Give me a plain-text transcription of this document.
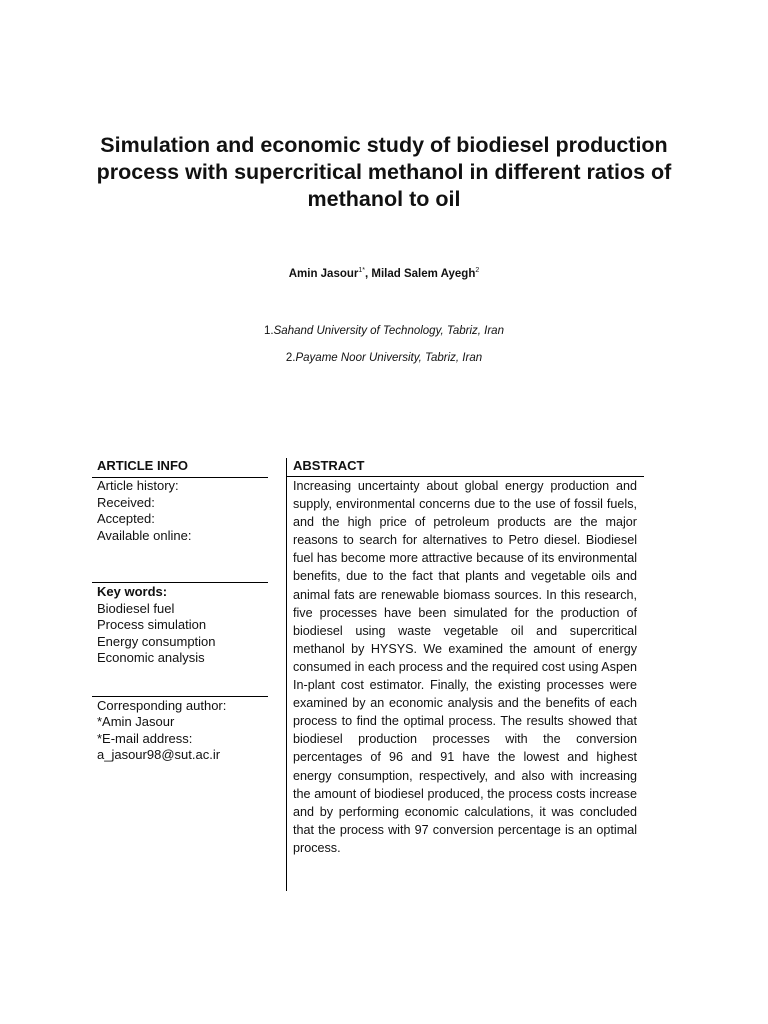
Simulation and economic study of biodiesel production process with supercritical methanol in different ratios of methanol to oil
Amin Jasour$^{1*}$, Milad Salem Ayegh$^2$
1.Sahand University of Technology, Tabriz, Iran
2.Payame Noor University, Tabriz, Iran
ARTICLE INFO

Article history:

Received:

Accepted:

Available online:

Key words:

Biodiesel fuel

Process simulation

Energy consumption

Economic analysis

Corresponding author:

*Amin Jasour

*E-mail address:

a_jasour98@sut.ac.ir

ABSTRACT

Increasing uncertainty about global energy production and supply, environmental concerns due to the use of fossil fuels, and the high price of petroleum products are the major reasons to search for alternatives to Petro diesel. Biodiesel fuel has become more attractive because of its environmental benefits, due to the fact that plants and vegetable oils and animal fats are renewable biomass sources. In this research, five processes have been simulated for the production of biodiesel using waste vegetable oil and supercritical methanol by HYSYS. We examined the amount of energy consumed in each process and the required cost using Aspen In-plant cost estimator. Finally, the existing processes were examined by an economic analysis and the benefits of each process to find the optimal process. The results showed that biodiesel production processes with the conversion percentages of 96 and 91 have the lowest and highest energy consumption, respectively, and also with increasing the amount of biodiesel produced, the process costs increase and by performing economic calculations, it was concluded that the process with 97 conversion percentage is an optimal process.
